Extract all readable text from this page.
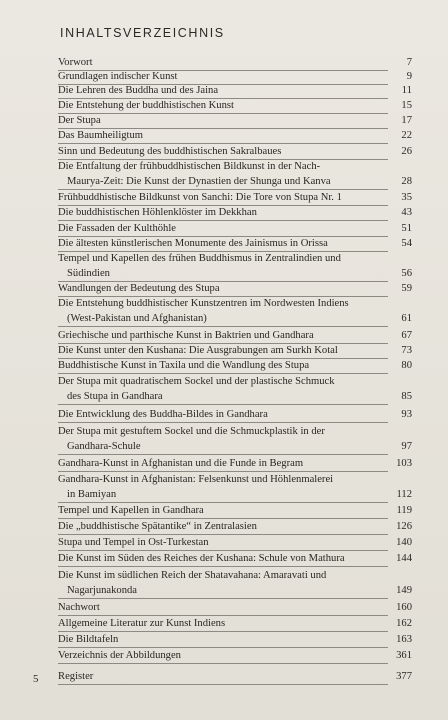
INHALTSVERZEICHNIS
Vorwort	7
Grundlagen indischer Kunst	9
Die Lehren des Buddha und des Jaina	11
Die Entstehung der buddhistischen Kunst	15
Der Stupa	17
Das Baumheiligtum	22
Sinn und Bedeutung des buddhistischen Sakralbaues	26
Die Entfaltung der frühbuddhistischen Bildkunst in der Nach-
Maurya-Zeit: Die Kunst der Dynastien der Shunga und Kanva	28
Frühbuddhistische Bildkunst von Sanchi: Die Tore von Stupa Nr. 1	35
Die buddhistischen Höhlenklöster im Dekkhan	43
Die Fassaden der Kulthöhle	51
Die ältesten künstlerischen Monumente des Jainismus in Orissa	54
Tempel und Kapellen des frühen Buddhismus in Zentralindien und
Südindien	56
Wandlungen der Bedeutung des Stupa	59
Die Entstehung buddhistischer Kunstzentren im Nordwesten Indiens
(West-Pakistan und Afghanistan)	61
Griechische und parthische Kunst in Baktrien und Gandhara	67
Die Kunst unter den Kushana: Die Ausgrabungen am Surkh Kotal	73
Buddhistische Kunst in Taxila und die Wandlung des Stupa	80
Der Stupa mit quadratischem Sockel und der plastische Schmuck
des Stupa in Gandhara	85
Die Entwicklung des Buddha-Bildes in Gandhara	93
Der Stupa mit gestuftem Sockel und die Schmuckplastik in der
Gandhara-Schule	97
Gandhara-Kunst in Afghanistan und die Funde in Begram	103
Gandhara-Kunst in Afghanistan: Felsenkunst und Höhlenmalerei
in Bamiyan	112
Tempel und Kapellen in Gandhara	119
Die „buddhistische Spätantike“ in Zentralasien	126
Stupa und Tempel in Ost-Turkestan	140
Die Kunst im Süden des Reiches der Kushana: Schule von Mathura	144
Die Kunst im südlichen Reich der Shatavahana: Amaravati und
Nagarjunakonda	149
Nachwort	160
Allgemeine Literatur zur Kunst Indiens	162
Die Bildtafeln	163
Verzeichnis der Abbildungen	361
Register	377
5
